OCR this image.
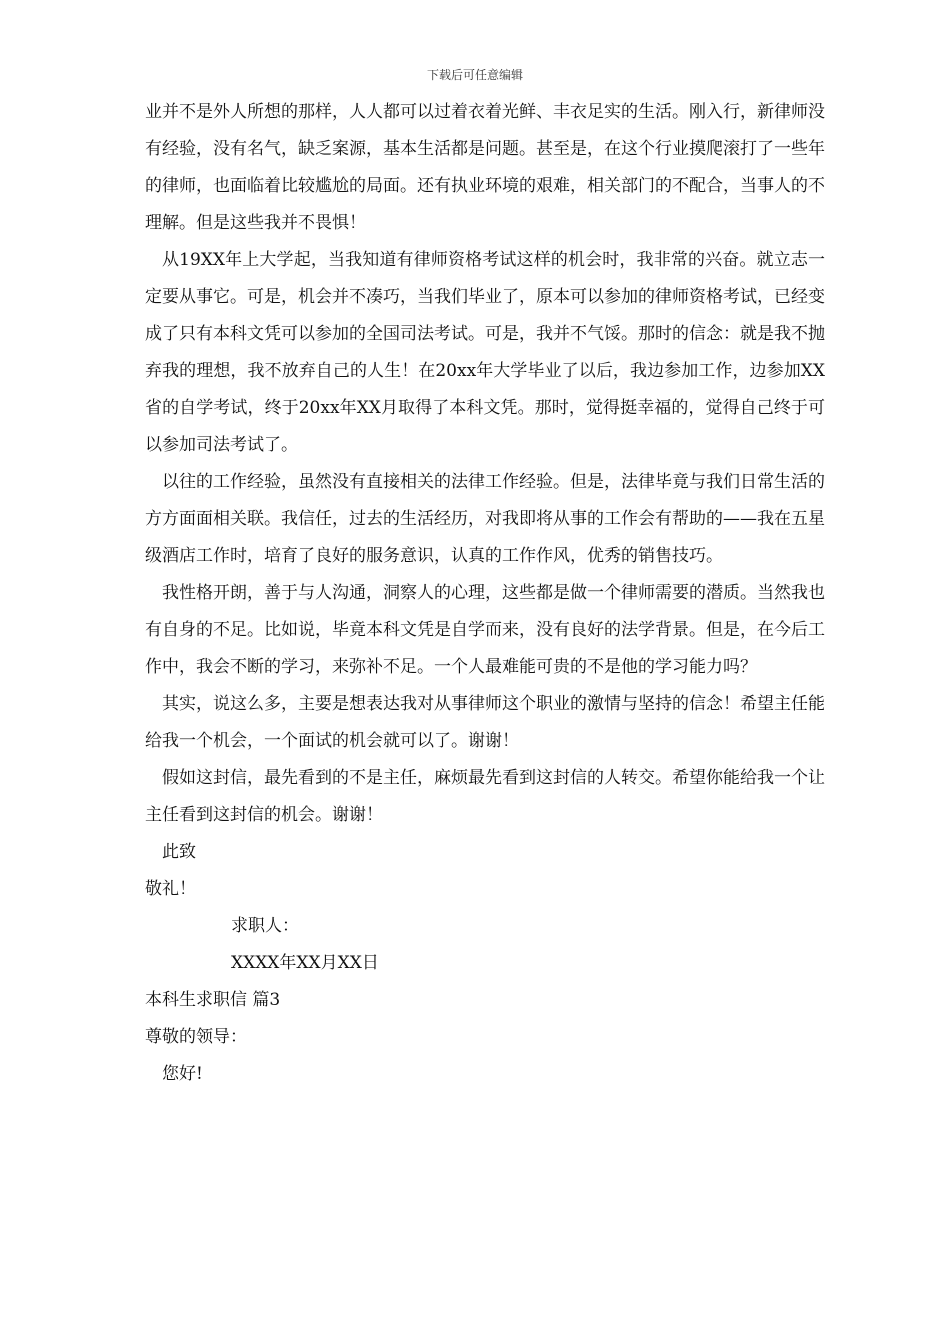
下载后可任意编辑

业并不是外人所想的那样，人人都可以过着衣着光鲜、丰衣足实的生活。刚入行，新律师没有经验，没有名气，缺乏案源，基本生活都是问题。甚至是，在这个行业摸爬滚打了一些年的律师，也面临着比较尴尬的局面。还有执业环境的艰难，相关部门的不配合，当事人的不理解。但是这些我并不畏惧！

从19XX年上大学起，当我知道有律师资格考试这样的机会时，我非常的兴奋。就立志一定要从事它。可是，机会并不凑巧，当我们毕业了，原本可以参加的律师资格考试，已经变成了只有本科文凭可以参加的全国司法考试。可是，我并不气馁。那时的信念：就是我不抛弃我的理想，我不放弃自己的人生！在20xx年大学毕业了以后，我边参加工作，边参加XX省的自学考试，终于20xx年XX月取得了本科文凭。那时，觉得挺幸福的，觉得自己终于可以参加司法考试了。

以往的工作经验，虽然没有直接相关的法律工作经验。但是，法律毕竟与我们日常生活的方方面面相关联。我信任，过去的生活经历，对我即将从事的工作会有帮助的——我在五星级酒店工作时，培育了良好的服务意识，认真的工作作风，优秀的销售技巧。

我性格开朗，善于与人沟通，洞察人的心理，这些都是做一个律师需要的潜质。当然我也有自身的不足。比如说，毕竟本科文凭是自学而来，没有良好的法学背景。但是，在今后工作中，我会不断的学习，来弥补不足。一个人最难能可贵的不是他的学习能力吗？

其实，说这么多，主要是想表达我对从事律师这个职业的激情与坚持的信念！希望主任能给我一个机会，一个面试的机会就可以了。谢谢！

假如这封信，最先看到的不是主任，麻烦最先看到这封信的人转交。希望你能给我一个让主任看到这封信的机会。谢谢！

此致

敬礼！

求职人：

XXXX年XX月XX日

本科生求职信 篇3

尊敬的领导：

您好!
